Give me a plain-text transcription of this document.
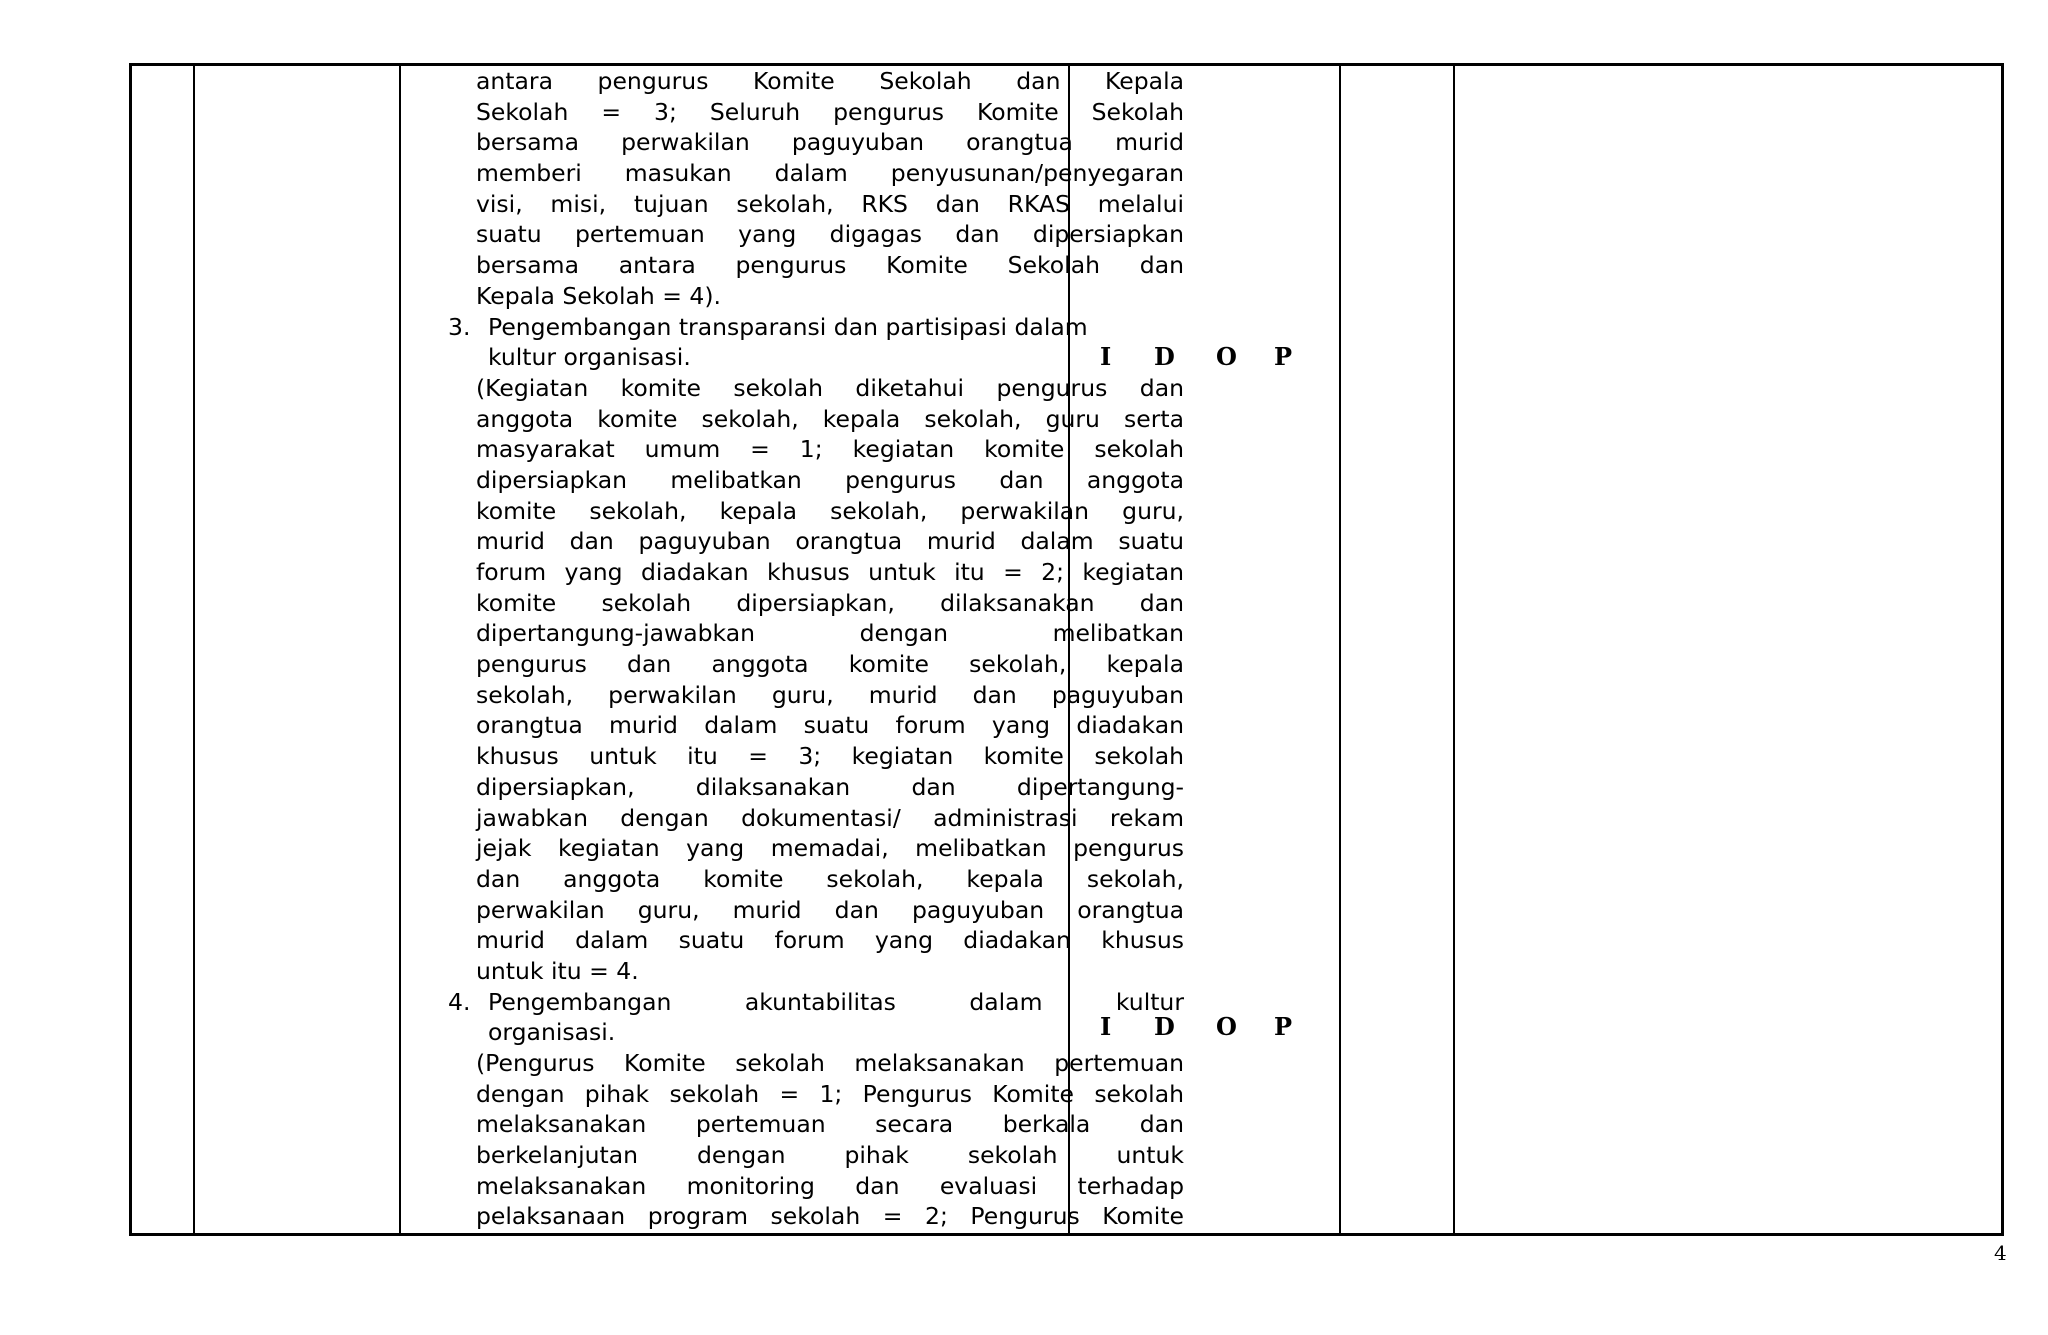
antara pengurus Komite Sekolah dan Kepala
Sekolah = 3; Seluruh pengurus Komite Sekolah
bersama perwakilan paguyuban orangtua murid
memberi masukan dalam penyusunan/penyegaran
visi, misi, tujuan sekolah, RKS dan RKAS melalui
suatu pertemuan yang digagas dan dipersiapkan
bersama antara pengurus Komite Sekolah dan
Kepala Sekolah = 4).
3. Pengembangan transparansi dan partisipasi dalam
kultur organisasi.
(Kegiatan komite sekolah diketahui pengurus dan
anggota komite sekolah, kepala sekolah, guru serta
masyarakat umum = 1; kegiatan komite sekolah
dipersiapkan melibatkan pengurus dan anggota
komite sekolah, kepala sekolah, perwakilan guru,
murid dan paguyuban orangtua murid dalam suatu
forum yang diadakan khusus untuk itu = 2; kegiatan
komite sekolah dipersiapkan, dilaksanakan dan
dipertangung-jawabkan dengan melibatkan
pengurus dan anggota komite sekolah, kepala
sekolah, perwakilan guru, murid dan paguyuban
orangtua murid dalam suatu forum yang diadakan
khusus untuk itu = 3; kegiatan komite sekolah
dipersiapkan, dilaksanakan dan dipertangung-
jawabkan dengan dokumentasi/ administrasi rekam
jejak kegiatan yang memadai, melibatkan pengurus
dan anggota komite sekolah, kepala sekolah,
perwakilan guru, murid dan paguyuban orangtua
murid dalam suatu forum yang diadakan khusus
untuk itu = 4.
4. Pengembangan akuntabilitas dalam kultur
organisasi.
(Pengurus Komite sekolah melaksanakan pertemuan
dengan pihak sekolah = 1; Pengurus Komite sekolah
melaksanakan pertemuan secara berkala dan
berkelanjutan dengan pihak sekolah untuk
melaksanakan monitoring dan evaluasi terhadap
pelaksanaan program sekolah = 2; Pengurus Komite
I D O P
I D O P
4
